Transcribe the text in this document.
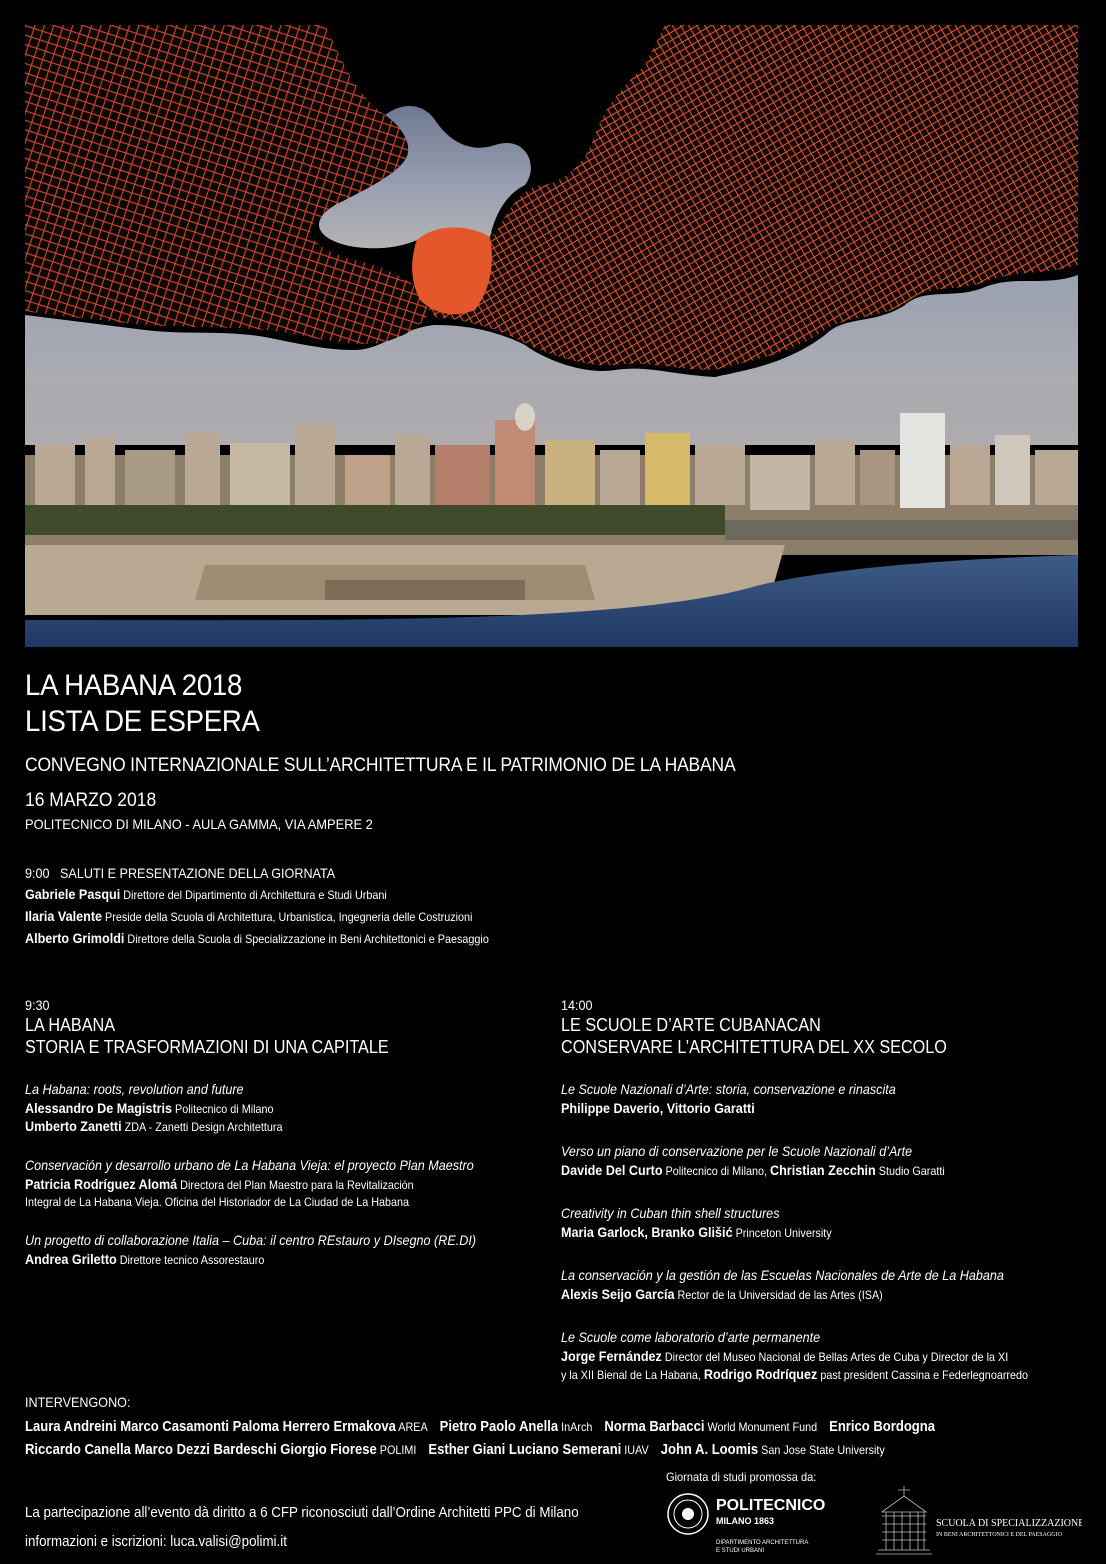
LA HABANA 2018
LISTA DE ESPERA
CONVEGNO INTERNAZIONALE SULL’ARCHITETTURA E IL PATRIMONIO DE LA HABANA
16 MARZO 2018
POLITECNICO DI MILANO - AULA GAMMA, VIA AMPERE 2
9:00 SALUTI E PRESENTAZIONE DELLA GIORNATA
Gabriele Pasqui Direttore del Dipartimento di Architettura e Studi Urbani
Ilaria Valente Preside della Scuola di Architettura, Urbanistica, Ingegneria delle Costruzioni
Alberto Grimoldi Direttore della Scuola di Specializzazione in Beni Architettonici e Paesaggio
9:30
LA HABANA
STORIA E TRASFORMAZIONI DI UNA CAPITALE
La Habana: roots, revolution and future
Alessandro De Magistris Politecnico di Milano
Umberto Zanetti ZDA - Zanetti Design Architettura
Conservación y desarrollo urbano de La Habana Vieja: el proyecto Plan Maestro
Patricia Rodríguez Alomá Directora del Plan Maestro para la Revitalización
Integral de La Habana Vieja. Oficina del Historiador de La Ciudad de La Habana
Un progetto di collaborazione Italia – Cuba: il centro REstauro y DIsegno (RE.DI)
Andrea Griletto Direttore tecnico Assorestauro
14:00
LE SCUOLE D’ARTE CUBANACAN
CONSERVARE L’ARCHITETTURA DEL XX SECOLO
Le Scuole Nazionali d’Arte: storia, conservazione e rinascita
Philippe Daverio, Vittorio Garatti
Verso un piano di conservazione per le Scuole Nazionali d’Arte
Davide Del Curto Politecnico di Milano, Christian Zecchin Studio Garatti
Creativity in Cuban thin shell structures
Maria Garlock, Branko Glišić Princeton University
La conservación y la gestión de las Escuelas Nacionales de Arte de La Habana
Alexis Seijo García Rector de la Universidad de las Artes (ISA)
Le Scuole come laboratorio d’arte permanente
Jorge Fernández Director del Museo Nacional de Bellas Artes de Cuba y Director de la XI
y la XII Bienal de La Habana, Rodrigo Rodríquez past president Cassina e Federlegnoarredo
INTERVENGONO:
Laura Andreini Marco Casamonti Paloma Herrero Ermakova AREA Pietro Paolo Anella InArch Norma Barbacci World Monument Fund Enrico Bordogna
Riccardo Canella Marco Dezzi Bardeschi Giorgio Fiorese POLIMI Esther Giani Luciano Semerani IUAV John A. Loomis San Jose State University
Giornata di studi promossa da:
La partecipazione all’evento dà diritto a 6 CFP riconosciuti dall’Ordine Architetti PPC di Milano
informazioni e iscrizioni: luca.valisi@polimi.it
POLITECNICO
MILANO 1863
DIPARTIMENTO ARCHITETTURA
E STUDI URBANI
SCUOLA DI SPECIALIZZAZIONE
IN BENI ARCHITETTONICI E DEL PAESAGGIO
